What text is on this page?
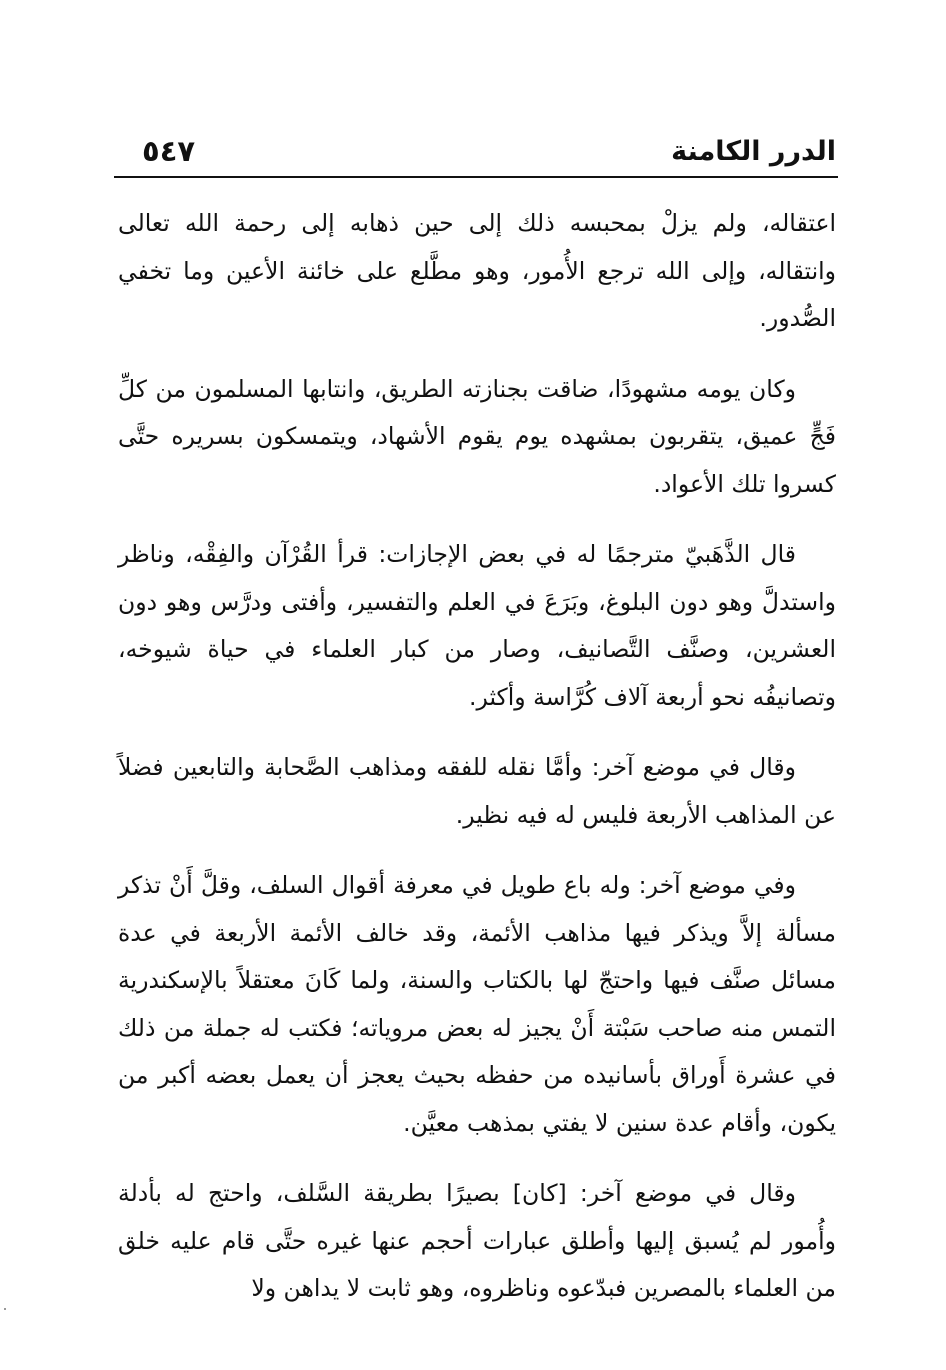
الدرر الكامنة
٥٤٧

اعتقاله، ولم يزلْ بمحبسه ذلك إلى حين ذهابه إلى رحمة الله تعالى وانتقاله، وإلى الله ترجع الأُمور، وهو مطَّلع على خائنة الأعين وما تخفي الصُّدور.

وكان يومه مشهودًا، ضاقت بجنازته الطريق، وانتابها المسلمون من كلِّ فَجٍّ عميق، يتقربون بمشهده يوم يقوم الأشهاد، ويتمسكون بسريره حتَّى كسروا تلك الأعواد.

قال الذَّهَبيّ مترجمًا له في بعض الإجازات: قرأ القُرْآن والفِقْه، وناظر واستدلَّ وهو دون البلوغ، وبَرَعَ في العلم والتفسير، وأفتى ودرَّس وهو دون العشرين، وصنَّف التَّصانيف، وصار من كبار العلماء في حياة شيوخه، وتصانيفُه نحو أربعة آلاف كُرَّاسة وأكثر.

وقال في موضع آخر: وأمَّا نقله للفقه ومذاهب الصَّحابة والتابعين فضلاً عن المذاهب الأربعة فليس له فيه نظير.

وفي موضع آخر: وله باع طويل في معرفة أقوال السلف، وقلَّ أَنْ تذكر مسألة إلاَّ ويذكر فيها مذاهب الأئمة، وقد خالف الأئمة الأربعة في عدة مسائل صنَّف فيها واحتجّ لها بالكتاب والسنة، ولما كَانَ معتقلاً بالإسكندرية التمس منه صاحب سَبْتة أَنْ يجيز له بعض مروياته؛ فكتب له جملة من ذلك في عشرة أَوراق بأسانيده من حفظه بحيث يعجز أن يعمل بعضه أكبر من يكون، وأقام عدة سنين لا يفتي بمذهب معيَّن.

وقال في موضع آخر: [كان] بصيرًا بطريقة السَّلف، واحتج له بأدلة وأُمور لم يُسبق إليها وأطلق عبارات أحجم عنها غيره حتَّى قام عليه خلق من العلماء بالمصرين فبدّعوه وناظروه، وهو ثابت لا يداهن ولا
